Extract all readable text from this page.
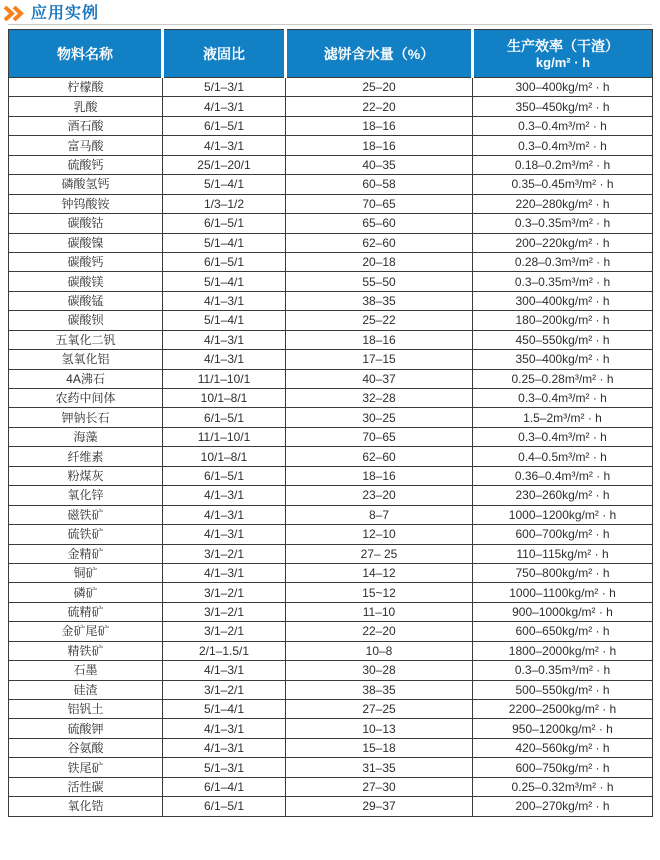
应用实例
物料名称	液固比	滤饼含水量（%）	生产效率（干渣）
kg/m² · h

柠檬酸	5/1–3/1	25–20	300–400kg/m² · h
乳酸	4/1–3/1	22–20	350–450kg/m² · h
酒石酸	6/1–5/1	18–16	0.3–0.4m³/m² · h
富马酸	4/1–3/1	18–16	0.3–0.4m³/m² · h
硫酸钙	25/1–20/1	40–35	0.18–0.2m³/m² · h
磷酸氢钙	5/1–4/1	60–58	0.35–0.45m³/m² · h
钟钨酸铵	1/3–1/2	70–65	220–280kg/m² · h
碳酸钴	6/1–5/1	65–60	0.3–0.35m³/m² · h
碳酸镍	5/1–4/1	62–60	200–220kg/m² · h
碳酸钙	6/1–5/1	20–18	0.28–0.3m³/m² · h
碳酸镁	5/1–4/1	55–50	0.3–0.35m³/m² · h
碳酸锰	4/1–3/1	38–35	300–400kg/m² · h
碳酸钡	5/1–4/1	25–22	180–200kg/m² · h
五氧化二钒	4/1–3/1	18–16	450–550kg/m² · h
氢氧化铝	4/1–3/1	17–15	350–400kg/m² · h
4A沸石	11/1–10/1	40–37	0.25–0.28m³/m² · h
农药中间体	10/1–8/1	32–28	0.3–0.4m³/m² · h
钾钠长石	6/1–5/1	30–25	1.5–2m³/m² · h
海藻	11/1–10/1	70–65	0.3–0.4m³/m² · h
纤维素	10/1–8/1	62–60	0.4–0.5m³/m² · h
粉煤灰	6/1–5/1	18–16	0.36–0.4m³/m² · h
氧化锌	4/1–3/1	23–20	230–260kg/m² · h
磁铁矿	4/1–3/1	8–7	1000–1200kg/m² · h
硫铁矿	4/1–3/1	12–10	600–700kg/m² · h
金精矿	3/1–2/1	27– 25	110–115kg/m² · h
铜矿	4/1–3/1	14–12	750–800kg/m² · h
磷矿	3/1–2/1	15~12	1000–1100kg/m² · h
硫精矿	3/1–2/1	11–10	900–1000kg/m² · h
金矿尾矿	3/1–2/1	22–20	600–650kg/m² · h
精铁矿	2/1–1.5/1	10–8	1800–2000kg/m² · h
石墨	4/1–3/1	30–28	0.3–0.35m³/m² · h
硅渣	3/1–2/1	38–35	500–550kg/m² · h
铝钒土	5/1–4/1	27–25	2200–2500kg/m² · h
硫酸钾	4/1–3/1	10–13	950–1200kg/m² · h
谷氨酸	4/1–3/1	15–18	420–560kg/m² · h
铁尾矿	5/1–3/1	31–35	600–750kg/m² · h
活性碳	6/1–4/1	27–30	0.25–0.32m³/m² · h
氧化锆	6/1–5/1	29–37	200–270kg/m² · h
